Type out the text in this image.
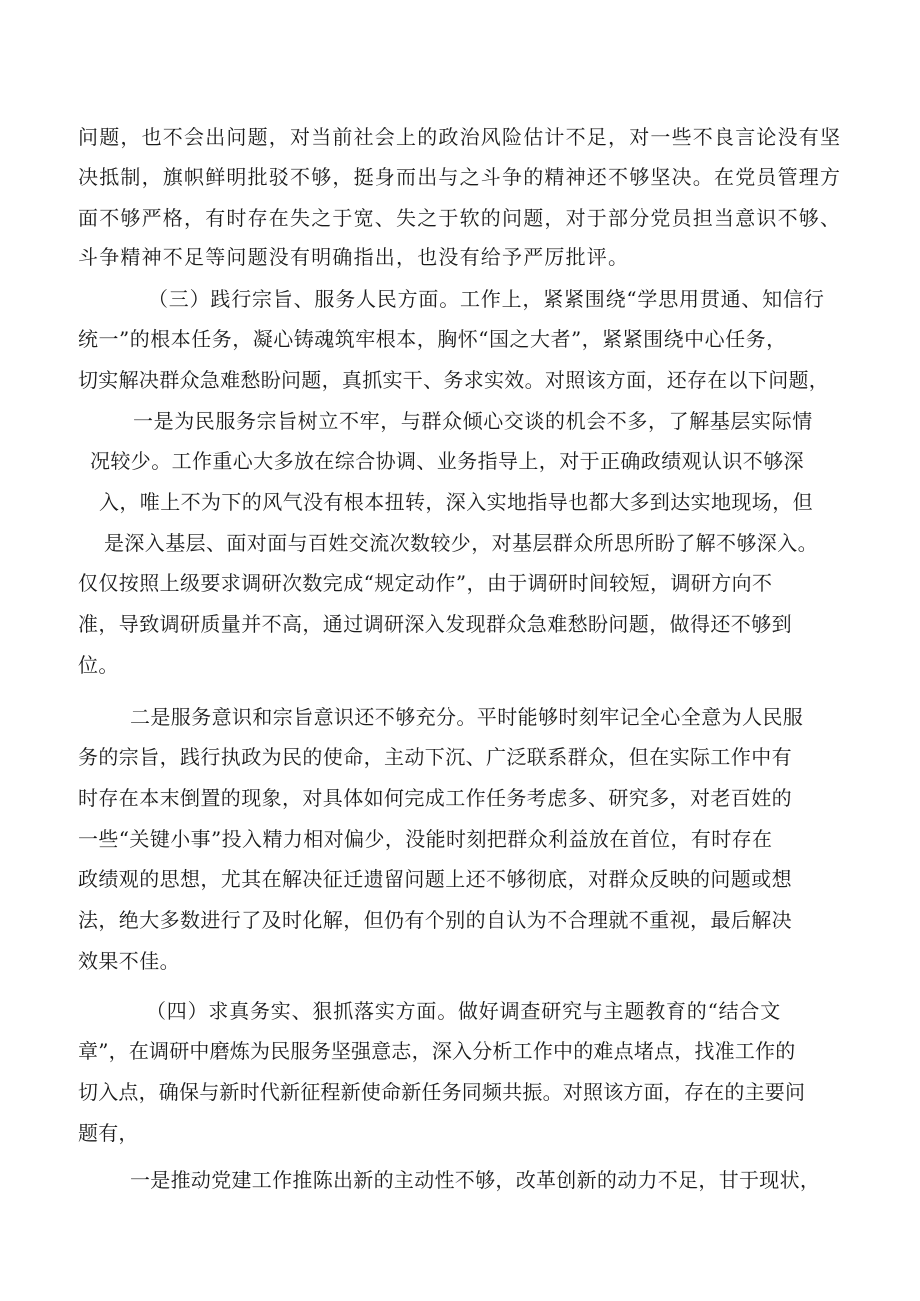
问题，也不会出问题，对当前社会上的政治风险估计不足，对一些不良言论没有坚

决抵制，旗帜鲜明批驳不够，挺身而出与之斗争的精神还不够坚决。在党员管理方

面不够严格，有时存在失之于宽、失之于软的问题，对于部分党员担当意识不够、

斗争精神不足等问题没有明确指出，也没有给予严厉批评。

（三）践行宗旨、服务人民方面。工作上，紧紧围绕“学思用贯通、知信行

统一”的根本任务，凝心铸魂筑牢根本，胸怀“国之大者”，紧紧围绕中心任务，

切实解决群众急难愁盼问题，真抓实干、务求实效。对照该方面，还存在以下问题，

一是为民服务宗旨树立不牢，与群众倾心交谈的机会不多，了解基层实际情

况较少。工作重心大多放在综合协调、业务指导上，对于正确政绩观认识不够深

入，唯上不为下的风气没有根本扭转，深入实地指导也都大多到达实地现场，但

是深入基层、面对面与百姓交流次数较少，对基层群众所思所盼了解不够深入。

仅仅按照上级要求调研次数完成“规定动作”，由于调研时间较短，调研方向不

准，导致调研质量并不高，通过调研深入发现群众急难愁盼问题，做得还不够到

位。

二是服务意识和宗旨意识还不够充分。平时能够时刻牢记全心全意为人民服

务的宗旨，践行执政为民的使命，主动下沉、广泛联系群众，但在实际工作中有

时存在本末倒置的现象，对具体如何完成工作任务考虑多、研究多，对老百姓的

一些“关键小事”投入精力相对偏少，没能时刻把群众利益放在首位，有时存在

政绩观的思想，尤其在解决征迁遗留问题上还不够彻底，对群众反映的问题或想

法，绝大多数进行了及时化解，但仍有个别的自认为不合理就不重视，最后解决

效果不佳。

（四）求真务实、狠抓落实方面。做好调查研究与主题教育的“结合文

章”，在调研中磨炼为民服务坚强意志，深入分析工作中的难点堵点，找准工作的

切入点，确保与新时代新征程新使命新任务同频共振。对照该方面，存在的主要问

题有，

一是推动党建工作推陈出新的主动性不够，改革创新的动力不足，甘于现状，
